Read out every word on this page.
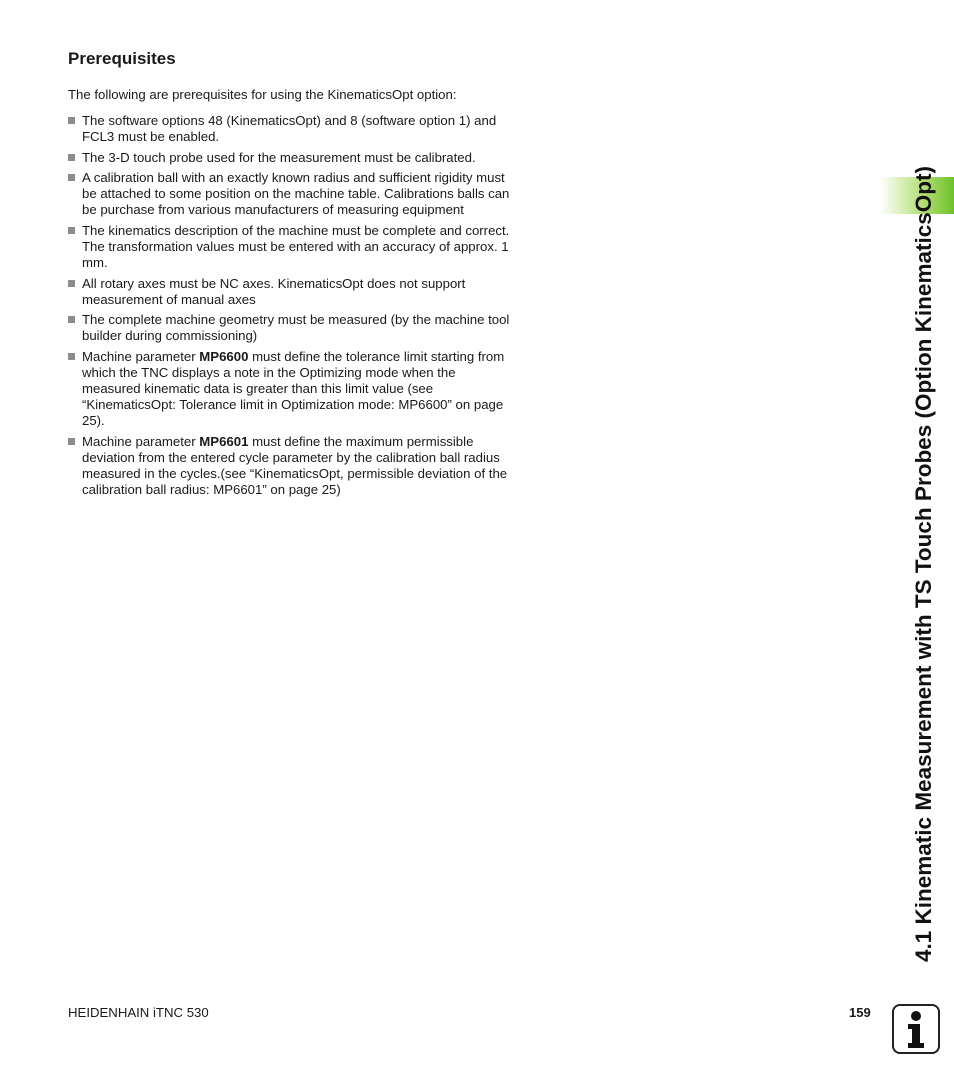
Prerequisites

The following are prerequisites for using the KinematicsOpt option:

The software options 48 (KinematicsOpt) and 8 (software option 1) and FCL3 must be enabled.
The 3-D touch probe used for the measurement must be calibrated.
A calibration ball with an exactly known radius and sufficient rigidity must be attached to some position on the machine table. Calibrations balls can be purchase from various manufacturers of measuring equipment
The kinematics description of the machine must be complete and correct. The transformation values must be entered with an accuracy of approx. 1 mm.
All rotary axes must be NC axes. KinematicsOpt does not support measurement of manual axes
The complete machine geometry must be measured (by the machine tool builder during commissioning)
Machine parameter MP6600 must define the tolerance limit starting from which the TNC displays a note in the Optimizing mode when the measured kinematic data is greater than this limit value (see “KinematicsOpt: Tolerance limit in Optimization mode: MP6600” on page 25).
Machine parameter MP6601 must define the maximum permissible deviation from the entered cycle parameter by the calibration ball radius measured in the cycles.(see “KinematicsOpt, permissible deviation of the calibration ball radius: MP6601” on page 25)	4.1 Kinematic Measurement with TS Touch Probes (Option KinematicsOpt)

HEIDENHAIN iTNC 530	159
